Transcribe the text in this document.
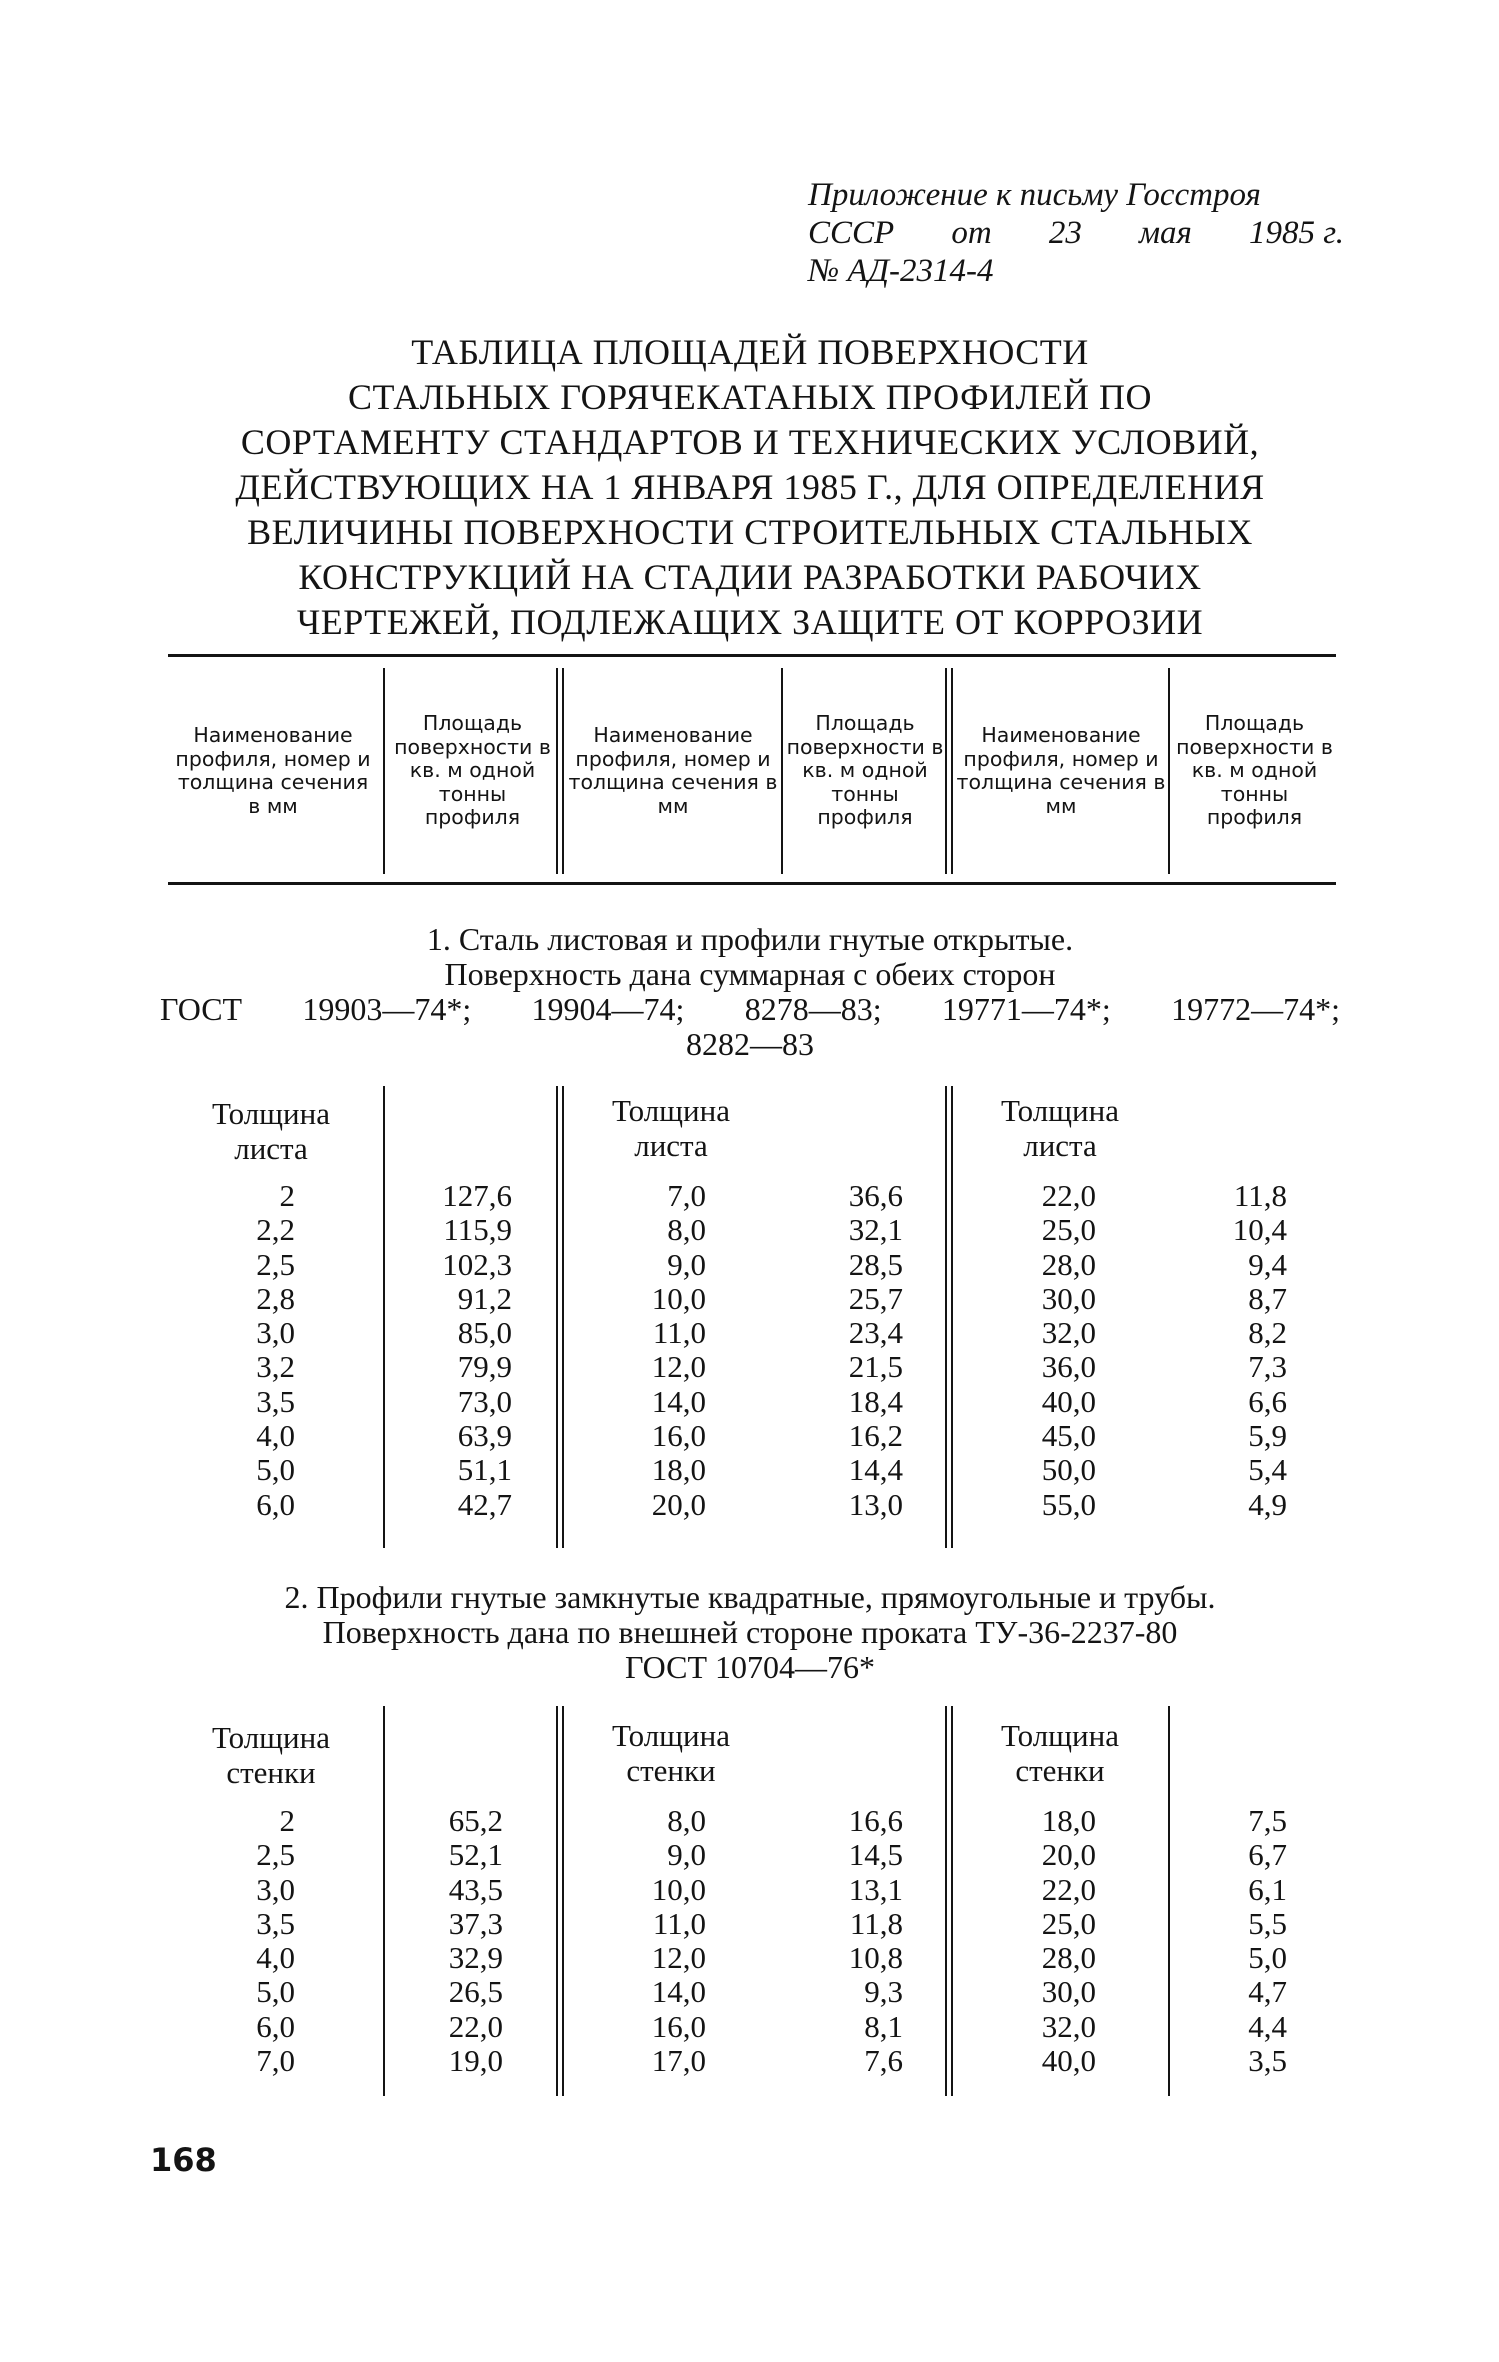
Приложение к письму Госстроя
СССР от 23 мая 1985 г.
№ АД-2314-4
ТАБЛИЦА ПЛОЩАДЕЙ ПОВЕРХНОСТИ
СТАЛЬНЫХ ГОРЯЧЕКАТАНЫХ ПРОФИЛЕЙ ПО
СОРТАМЕНТУ СТАНДАРТОВ И ТЕХНИЧЕСКИХ УСЛОВИЙ,
ДЕЙСТВУЮЩИХ НА 1 ЯНВАРЯ 1985 Г., ДЛЯ ОПРЕДЕЛЕНИЯ
ВЕЛИЧИНЫ ПОВЕРХНОСТИ СТРОИТЕЛЬНЫХ СТАЛЬНЫХ
КОНСТРУКЦИЙ НА СТАДИИ РАЗРАБОТКИ РАБОЧИХ
ЧЕРТЕЖЕЙ, ПОДЛЕЖАЩИХ ЗАЩИТЕ ОТ КОРРОЗИИ
Наименование профиля, номер и толщина сечения в мм
Площадь поверхности в кв. м одной тонны профиля
Наименование профиля, номер и толщина сечения в мм
Площадь поверхности в кв. м одной тонны профиля
Наименование профиля, номер и толщина сечения в мм
Площадь поверхности в кв. м одной тонны профиля
1. Сталь листовая и профили гнутые открытые.
Поверхность дана суммарная с обеих сторон
ГОСТ 19903—74*; 19904—74; 8278—83; 19771—74*; 19772—74*;
8282—83
Толщина листа
Толщина листа
Толщина листа
2
2,2
2,5
2,8
3,0
3,2
3,5
4,0
5,0
6,0
127,6
115,9
102,3
91,2
85,0
79,9
73,0
63,9
51,1
42,7
7,0
8,0
9,0
10,0
11,0
12,0
14,0
16,0
18,0
20,0
36,6
32,1
28,5
25,7
23,4
21,5
18,4
16,2
14,4
13,0
22,0
25,0
28,0
30,0
32,0
36,0
40,0
45,0
50,0
55,0
11,8
10,4
9,4
8,7
8,2
7,3
6,6
5,9
5,4
4,9
2. Профили гнутые замкнутые квадратные, прямоугольные и трубы.
Поверхность дана по внешней стороне проката ТУ-36-2237-80
ГОСТ 10704—76*
Толщина стенки
Толщина стенки
Толщина стенки
2
2,5
3,0
3,5
4,0
5,0
6,0
7,0
65,2
52,1
43,5
37,3
32,9
26,5
22,0
19,0
8,0
9,0
10,0
11,0
12,0
14,0
16,0
17,0
16,6
14,5
13,1
11,8
10,8
9,3
8,1
7,6
18,0
20,0
22,0
25,0
28,0
30,0
32,0
40,0
7,5
6,7
6,1
5,5
5,0
4,7
4,4
3,5
168
